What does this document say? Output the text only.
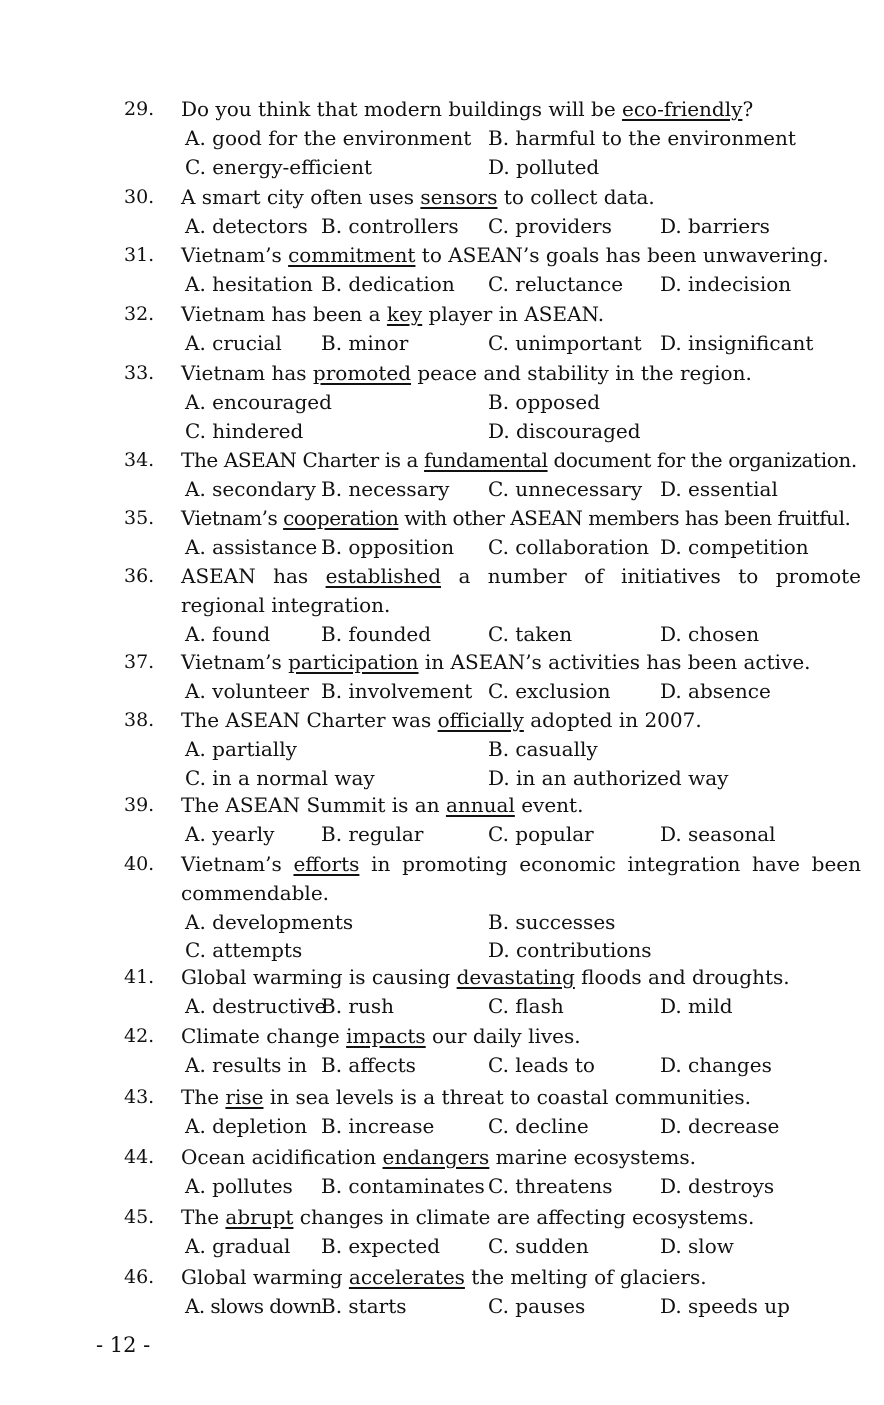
29.	Do you think that modern buildings will be eco-friendly?
A. good for the environment B. harmful to the environment
C. energy-efficient	D. polluted
30.	A smart city often uses sensors to collect data.
A. detectors B. controllers C. providers D. barriers
31.	Vietnam’s commitment to ASEAN’s goals has been unwavering.
A. hesitation B. dedication C. reluctance D. indecision
32.	Vietnam has been a key player in ASEAN.
A. crucial B. minor	C. unimportant D. insignificant
33.	Vietnam has promoted peace and stability in the region.
A. encouraged	B. opposed
C. hindered	D. discouraged
34.	The ASEAN Charter is a fundamental document for the organization.
A. secondary B. necessary C. unnecessary D. essential
35.	Vietnam’s cooperation with other ASEAN members has been fruitful.
A. assistance B. opposition C. collaboration D. competition
36.	ASEAN has established a number of initiatives to promote regional integration.
A. found	B. founded	C. taken	D. chosen
37.	Vietnam’s participation in ASEAN’s activities has been active.
A. volunteer B. involvement C. exclusion D. absence
38.	The ASEAN Charter was officially adopted in 2007.
A. partially	B. casually
C. in a normal way	D. in an authorized way
39.	The ASEAN Summit is an annual event.
A. yearly B. regular	C. popular	D. seasonal
40.	Vietnam’s efforts in promoting economic integration have been commendable.
A. developments	B. successes
C. attempts	D. contributions
41.	Global warming is causing devastating floods and droughts.
A. destructive
B. rush	C. flash	D. mild
42.	Climate change impacts our daily lives.
A. results in B. affects	C. leads to	D. changes
43.	The rise in sea levels is a threat to coastal communities.
A. depletion B. increase	C. decline	D. decrease
44.	Ocean acidification endangers marine ecosystems.
A. pollutes B. contaminates C. threatens D. destroys
45.	The abrupt changes in climate are affecting ecosystems.
A. gradual B. expected C. sudden	D. slow
46.	Global warming accelerates the melting of glaciers.
A. slows down B. starts	C. pauses	D. speeds up
- 12 -
